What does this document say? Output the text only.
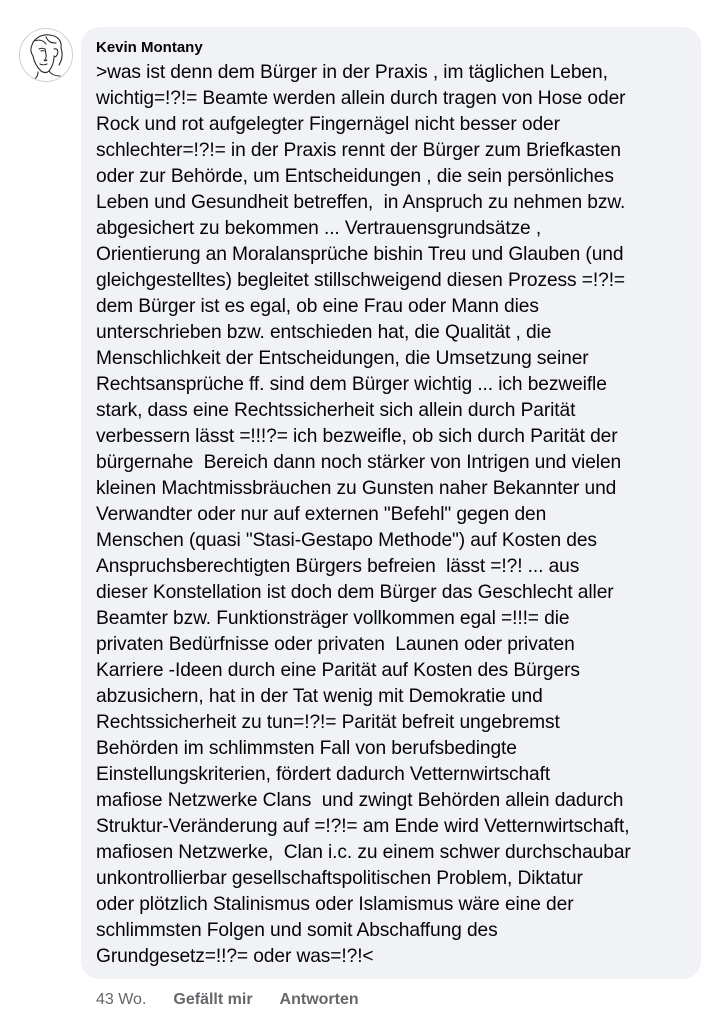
Kevin Montany
>was ist denn dem Bürger in der Praxis , im täglichen Leben,
wichtig=!?!= Beamte werden allein durch tragen von Hose oder
Rock und rot aufgelegter Fingernägel nicht besser oder
schlechter=!?!= in der Praxis rennt der Bürger zum Briefkasten
oder zur Behörde, um Entscheidungen , die sein persönliches
Leben und Gesundheit betreffen,  in Anspruch zu nehmen bzw.
abgesichert zu bekommen ... Vertrauensgrundsätze ,
Orientierung an Moralansprüche bishin Treu und Glauben (und
gleichgestelltes) begleitet stillschweigend diesen Prozess =!?!=
dem Bürger ist es egal, ob eine Frau oder Mann dies
unterschrieben bzw. entschieden hat, die Qualität , die
Menschlichkeit der Entscheidungen, die Umsetzung seiner
Rechtsansprüche ff. sind dem Bürger wichtig ... ich bezweifle
stark, dass eine Rechtssicherheit sich allein durch Parität
verbessern lässt =!!!?= ich bezweifle, ob sich durch Parität der
bürgernahe  Bereich dann noch stärker von Intrigen und vielen
kleinen Machtmissbräuchen zu Gunsten naher Bekannter und
Verwandter oder nur auf externen "Befehl" gegen den
Menschen (quasi "Stasi-Gestapo Methode") auf Kosten des
Anspruchsberechtigten Bürgers befreien  lässt =!?! ... aus
dieser Konstellation ist doch dem Bürger das Geschlecht aller
Beamter bzw. Funktionsträger vollkommen egal =!!!= die
privaten Bedürfnisse oder privaten  Launen oder privaten
Karriere -Ideen durch eine Parität auf Kosten des Bürgers
abzusichern, hat in der Tat wenig mit Demokratie und
Rechtssicherheit zu tun=!?!= Parität befreit ungebremst
Behörden im schlimmsten Fall von berufsbedingte
Einstellungskriterien, fördert dadurch Vetternwirtschaft
mafiose Netzwerke Clans  und zwingt Behörden allein dadurch
Struktur-Veränderung auf =!?!= am Ende wird Vetternwirtschaft,
mafiosen Netzwerke,  Clan i.c. zu einem schwer durchschaubar
unkontrollierbar gesellschaftspolitischen Problem, Diktatur
oder plötzlich Stalinismus oder Islamismus wäre eine der
schlimmsten Folgen und somit Abschaffung des
Grundgesetz=!!?= oder was=!?!<
43 Wo. Gefällt mir Antworten
